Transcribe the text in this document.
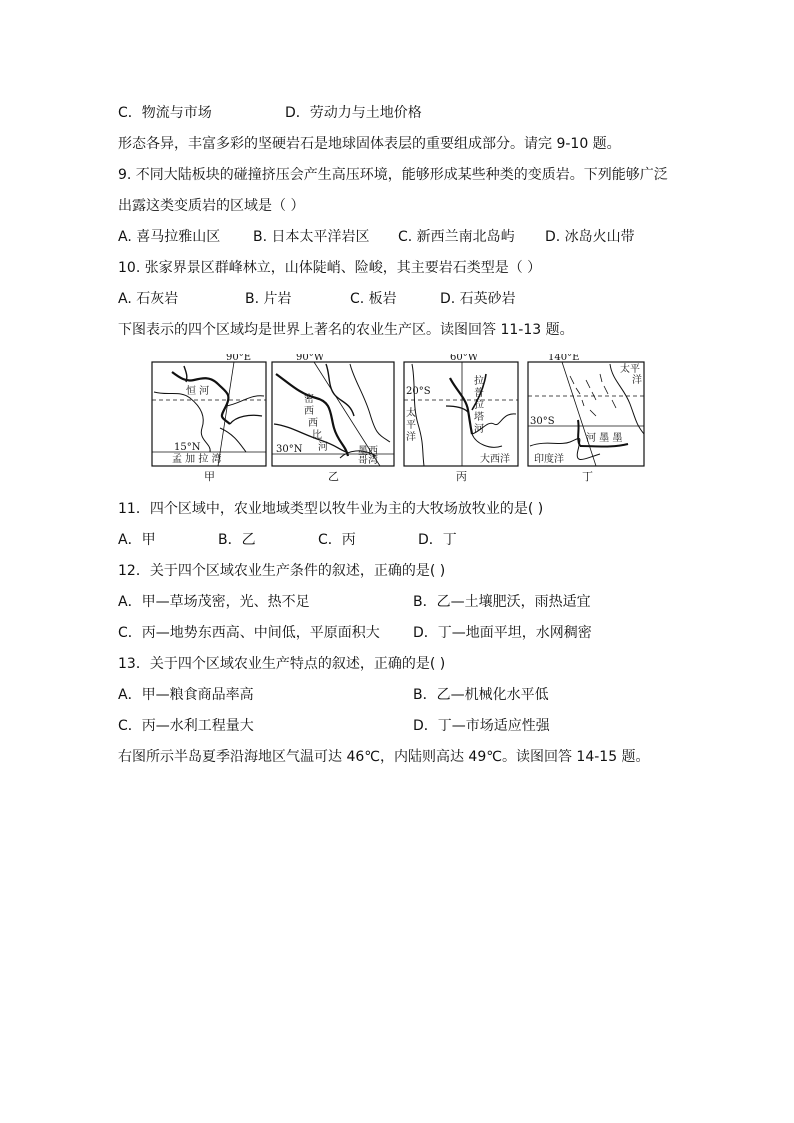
C．物流与市场	D．劳动力与土地价格
形态各异，丰富多彩的坚硬岩石是地球固体表层的重要组成部分。请完 9-10 题。
9. 不同大陆板块的碰撞挤压会产生高压环境，能够形成某些种类的变质岩。下列能够广泛
出露这类变质岩的区域是（ ）
A. 喜马拉雅山区 B. 日本太平洋岩区 C. 新西兰南北岛屿 D. 冰岛火山带
10. 张家界景区群峰林立，山体陡峭、险峻，其主要岩石类型是（ ）
A. 石灰岩	B. 片岩	C. 板岩	D. 石英砂岩
下图表示的四个区域均是世界上著名的农业生产区。读图回答 11-13 题。
90°E
恒 河
15°N
孟 加 拉 湾
甲
90°W
密
西
西
比
河
30°N	墨西
哥湾
乙
60°W
20°S
拉
普
拉
塔
河
太
平
洋
大西洋
丙
140°E
太平
洋
30°S
河 墨 墨
印度洋
丁
11．四个区域中，农业地域类型以牧牛业为主的大牧场放牧业的是( )
A．甲	B．乙	C．丙	D．丁
12．关于四个区域农业生产条件的叙述，正确的是( )
A．甲—草场茂密，光、热不足	B．乙—土壤肥沃，雨热适宜
C．丙—地势东西高、中间低，平原面积大 D．丁—地面平坦，水网稠密
13．关于四个区域农业生产特点的叙述，正确的是( )
A．甲—粮食商品率高	B．乙—机械化水平低
C．丙—水利工程量大	D．丁—市场适应性强
右图所示半岛夏季沿海地区气温可达 46℃，内陆则高达 49℃。读图回答 14-15 题。
